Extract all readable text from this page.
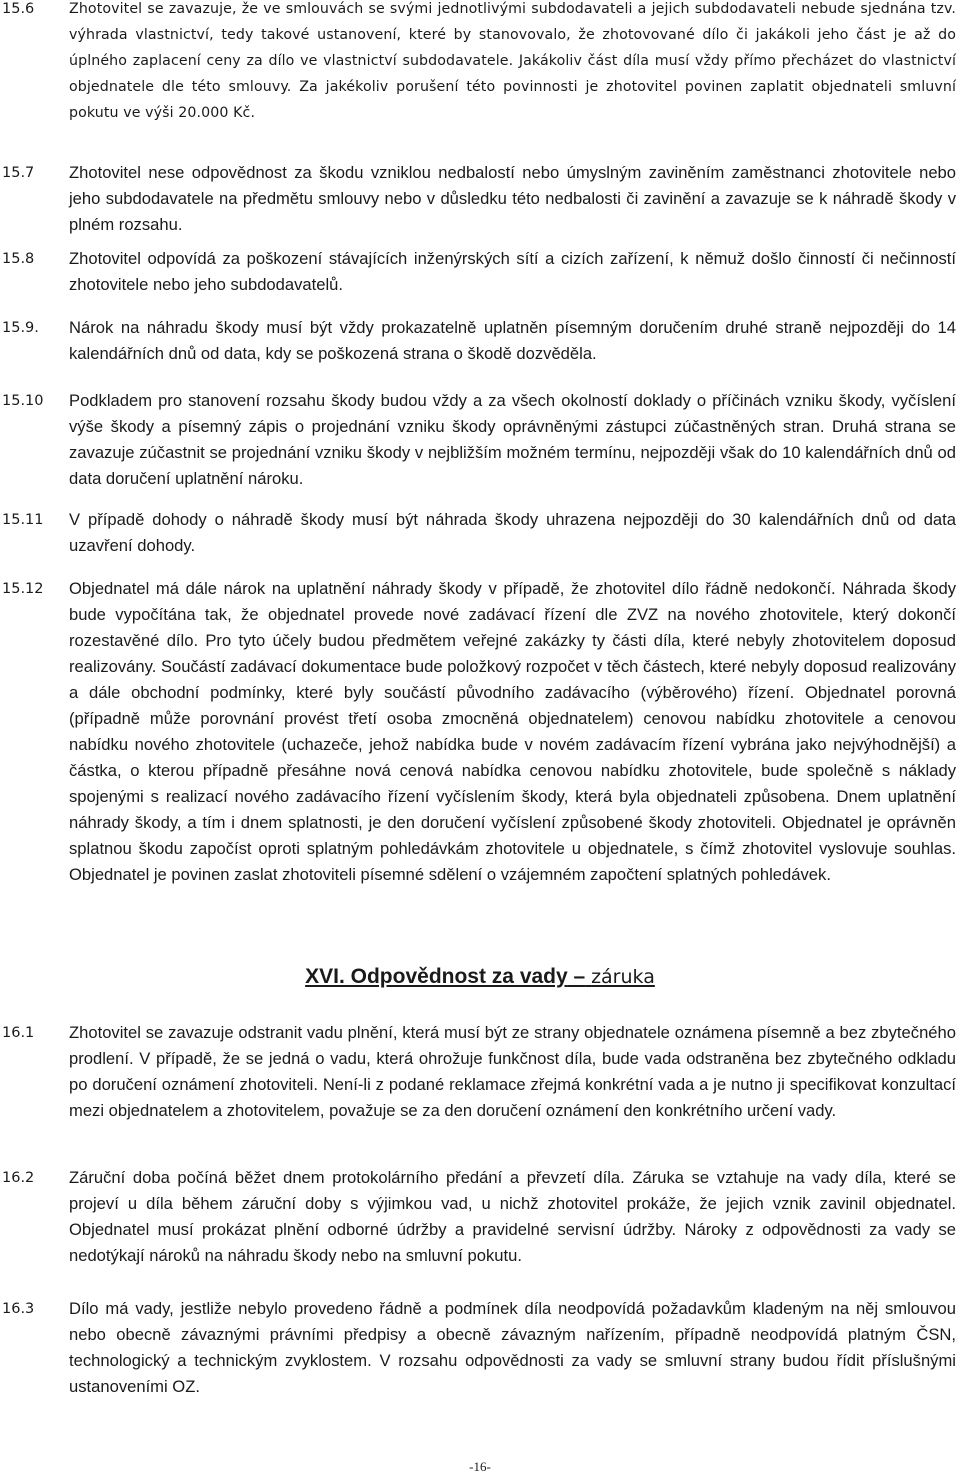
15.6 Zhotovitel se zavazuje, že ve smlouvách se svými jednotlivými subdodavateli a jejich subdodavateli nebude sjednána tzv. výhrada vlastnictví, tedy takové ustanovení, které by stanovovalo, že zhotovované dílo či jakákoli jeho část je až do úplného zaplacení ceny za dílo ve vlastnictví subdodavatele. Jakákoliv část díla musí vždy přímo přecházet do vlastnictví objednatele dle této smlouvy. Za jakékoliv porušení této povinnosti je zhotovitel povinen zaplatit objednateli smluvní pokutu ve výši 20.000 Kč.
15.7 Zhotovitel nese odpovědnost za škodu vzniklou nedbalostí nebo úmyslným zaviněním zaměstnanci zhotovitele nebo jeho subdodavatele na předmětu smlouvy nebo v důsledku této nedbalosti či zavinění a zavazuje se k náhradě škody v plném rozsahu.
15.8 Zhotovitel odpovídá za poškození stávajících inženýrských sítí a cizích zařízení, k němuž došlo činností či nečinností zhotovitele nebo jeho subdodavatelů.
15.9. Nárok na náhradu škody musí být vždy prokazatelně uplatněn písemným doručením druhé straně nejpozději do 14 kalendářních dnů od data, kdy se poškozená strana o škodě dozvěděla.
15.10 Podkladem pro stanovení rozsahu škody budou vždy a za všech okolností doklady o příčinách vzniku škody, vyčíslení výše škody a písemný zápis o projednání vzniku škody oprávněnými zástupci zúčastněných stran. Druhá strana se zavazuje zúčastnit se projednání vzniku škody v nejbližším možném termínu, nejpozději však do 10 kalendářních dnů od data doručení uplatnění nároku.
15.11 V případě dohody o náhradě škody musí být náhrada škody uhrazena nejpozději do 30 kalendářních dnů od data uzavření dohody.
15.12 Objednatel má dále nárok na uplatnění náhrady škody v případě, že zhotovitel dílo řádně nedokončí. Náhrada škody bude vypočítána tak, že objednatel provede nové zadávací řízení dle ZVZ na nového zhotovitele, který dokončí rozestavěné dílo. Pro tyto účely budou předmětem veřejné zakázky ty části díla, které nebyly zhotovitelem doposud realizovány. Součástí zadávací dokumentace bude položkový rozpočet v těch částech, které nebyly doposud realizovány a dále obchodní podmínky, které byly součástí původního zadávacího (výběrového) řízení. Objednatel porovná (případně může porovnání provést třetí osoba zmocněná objednatelem) cenovou nabídku zhotovitele a cenovou nabídku nového zhotovitele (uchazeče, jehož nabídka bude v novém zadávacím řízení vybrána jako nejvýhodnější) a částka, o kterou případně přesáhne nová cenová nabídka cenovou nabídku zhotovitele, bude společně s náklady spojenými s realizací nového zadávacího řízení vyčíslením škody, která byla objednateli způsobena. Dnem uplatnění náhrady škody, a tím i dnem splatnosti, je den doručení vyčíslení způsobené škody zhotoviteli. Objednatel je oprávněn splatnou škodu započíst oproti splatným pohledávkám zhotovitele u objednatele, s čímž zhotovitel vyslovuje souhlas. Objednatel je povinen zaslat zhotoviteli písemné sdělení o vzájemném započtení splatných pohledávek.
XVI. Odpovědnost za vady – záruka
16.1 Zhotovitel se zavazuje odstranit vadu plnění, která musí být ze strany objednatele oznámena písemně a bez zbytečného prodlení. V případě, že se jedná o vadu, která ohrožuje funkčnost díla, bude vada odstraněna bez zbytečného odkladu po doručení oznámení zhotoviteli. Není-li z podané reklamace zřejmá konkrétní vada a je nutno ji specifikovat konzultací mezi objednatelem a zhotovitelem, považuje se za den doručení oznámení den konkrétního určení vady.
16.2 Záruční doba počíná běžet dnem protokolárního předání a převzetí díla. Záruka se vztahuje na vady díla, které se projeví u díla během záruční doby s výjimkou vad, u nichž zhotovitel prokáže, že jejich vznik zavinil objednatel. Objednatel musí prokázat plnění odborné údržby a pravidelné servisní údržby. Nároky z odpovědnosti za vady se nedotýkají nároků na náhradu škody nebo na smluvní pokutu.
16.3 Dílo má vady, jestliže nebylo provedeno řádně a podmínek díla neodpovídá požadavkům kladeným na něj smlouvou nebo obecně závaznými právními předpisy a obecně závazným nařízením, případně neodpovídá platným ČSN, technologický a technickým zvyklostem. V rozsahu odpovědnosti za vady se smluvní strany budou řídit příslušnými ustanoveními OZ.
-16-
